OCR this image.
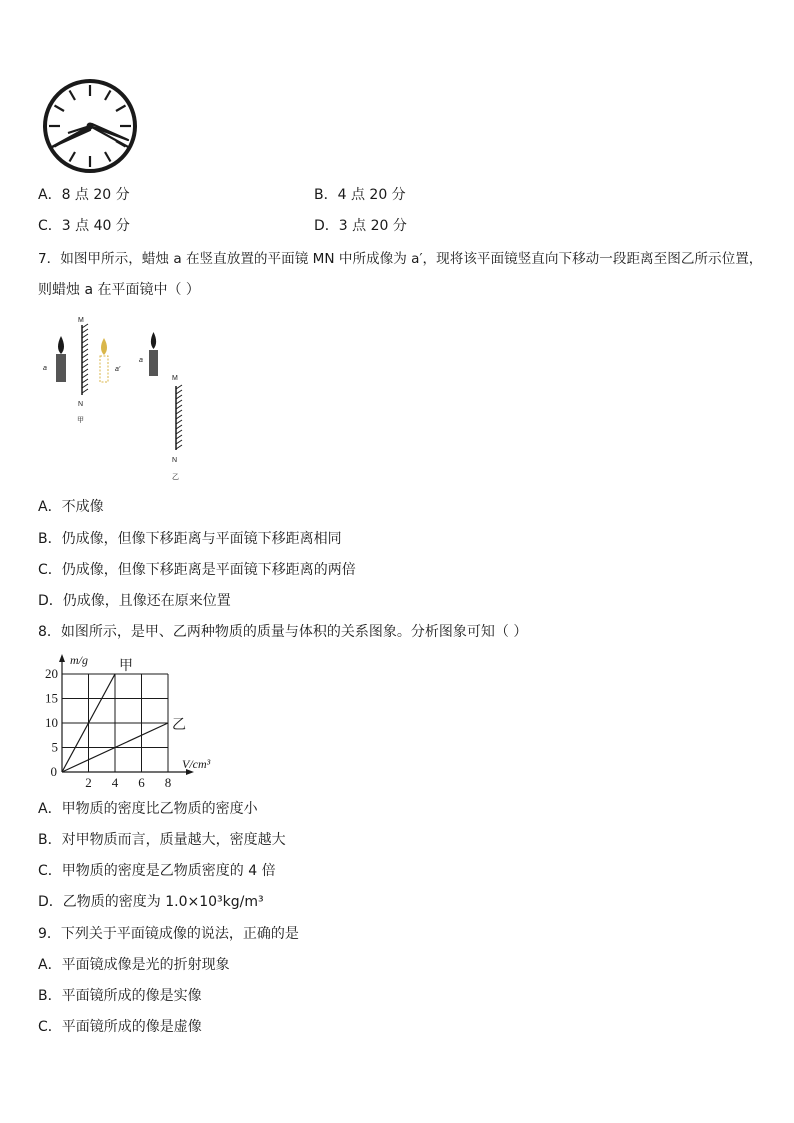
A．8 点 20 分	B．4 点 20 分
C．3 点 40 分	D．3 点 20 分
7．如图甲所示，蜡烛 a 在竖直放置的平面镜 MN 中所成像为 a′，现将该平面镜竖直向下移动一段距离至图乙所示位置，
则蜡烛 a 在平面镜中（ ）
M
N
甲
a	a′
a
M
N
乙
A．不成像
B．仍成像，但像下移距离与平面镜下移距离相同
C．仍成像，但像下移距离是平面镜下移距离的两倍
D．仍成像，且像还在原来位置
8．如图所示，是甲、乙两种物质的质量与体积的关系图象。分析图象可知（ ）
甲
乙
2 4 6 8
5
10
15
20
0
m/g
V/cm³
A．甲物质的密度比乙物质的密度小
B．对甲物质而言，质量越大，密度越大
C．甲物质的密度是乙物质密度的 4 倍
D．乙物质的密度为 1.0×10³kg/m³
9．下列关于平面镜成像的说法，正确的是
A．平面镜成像是光的折射现象
B．平面镜所成的像是实像
C．平面镜所成的像是虚像
